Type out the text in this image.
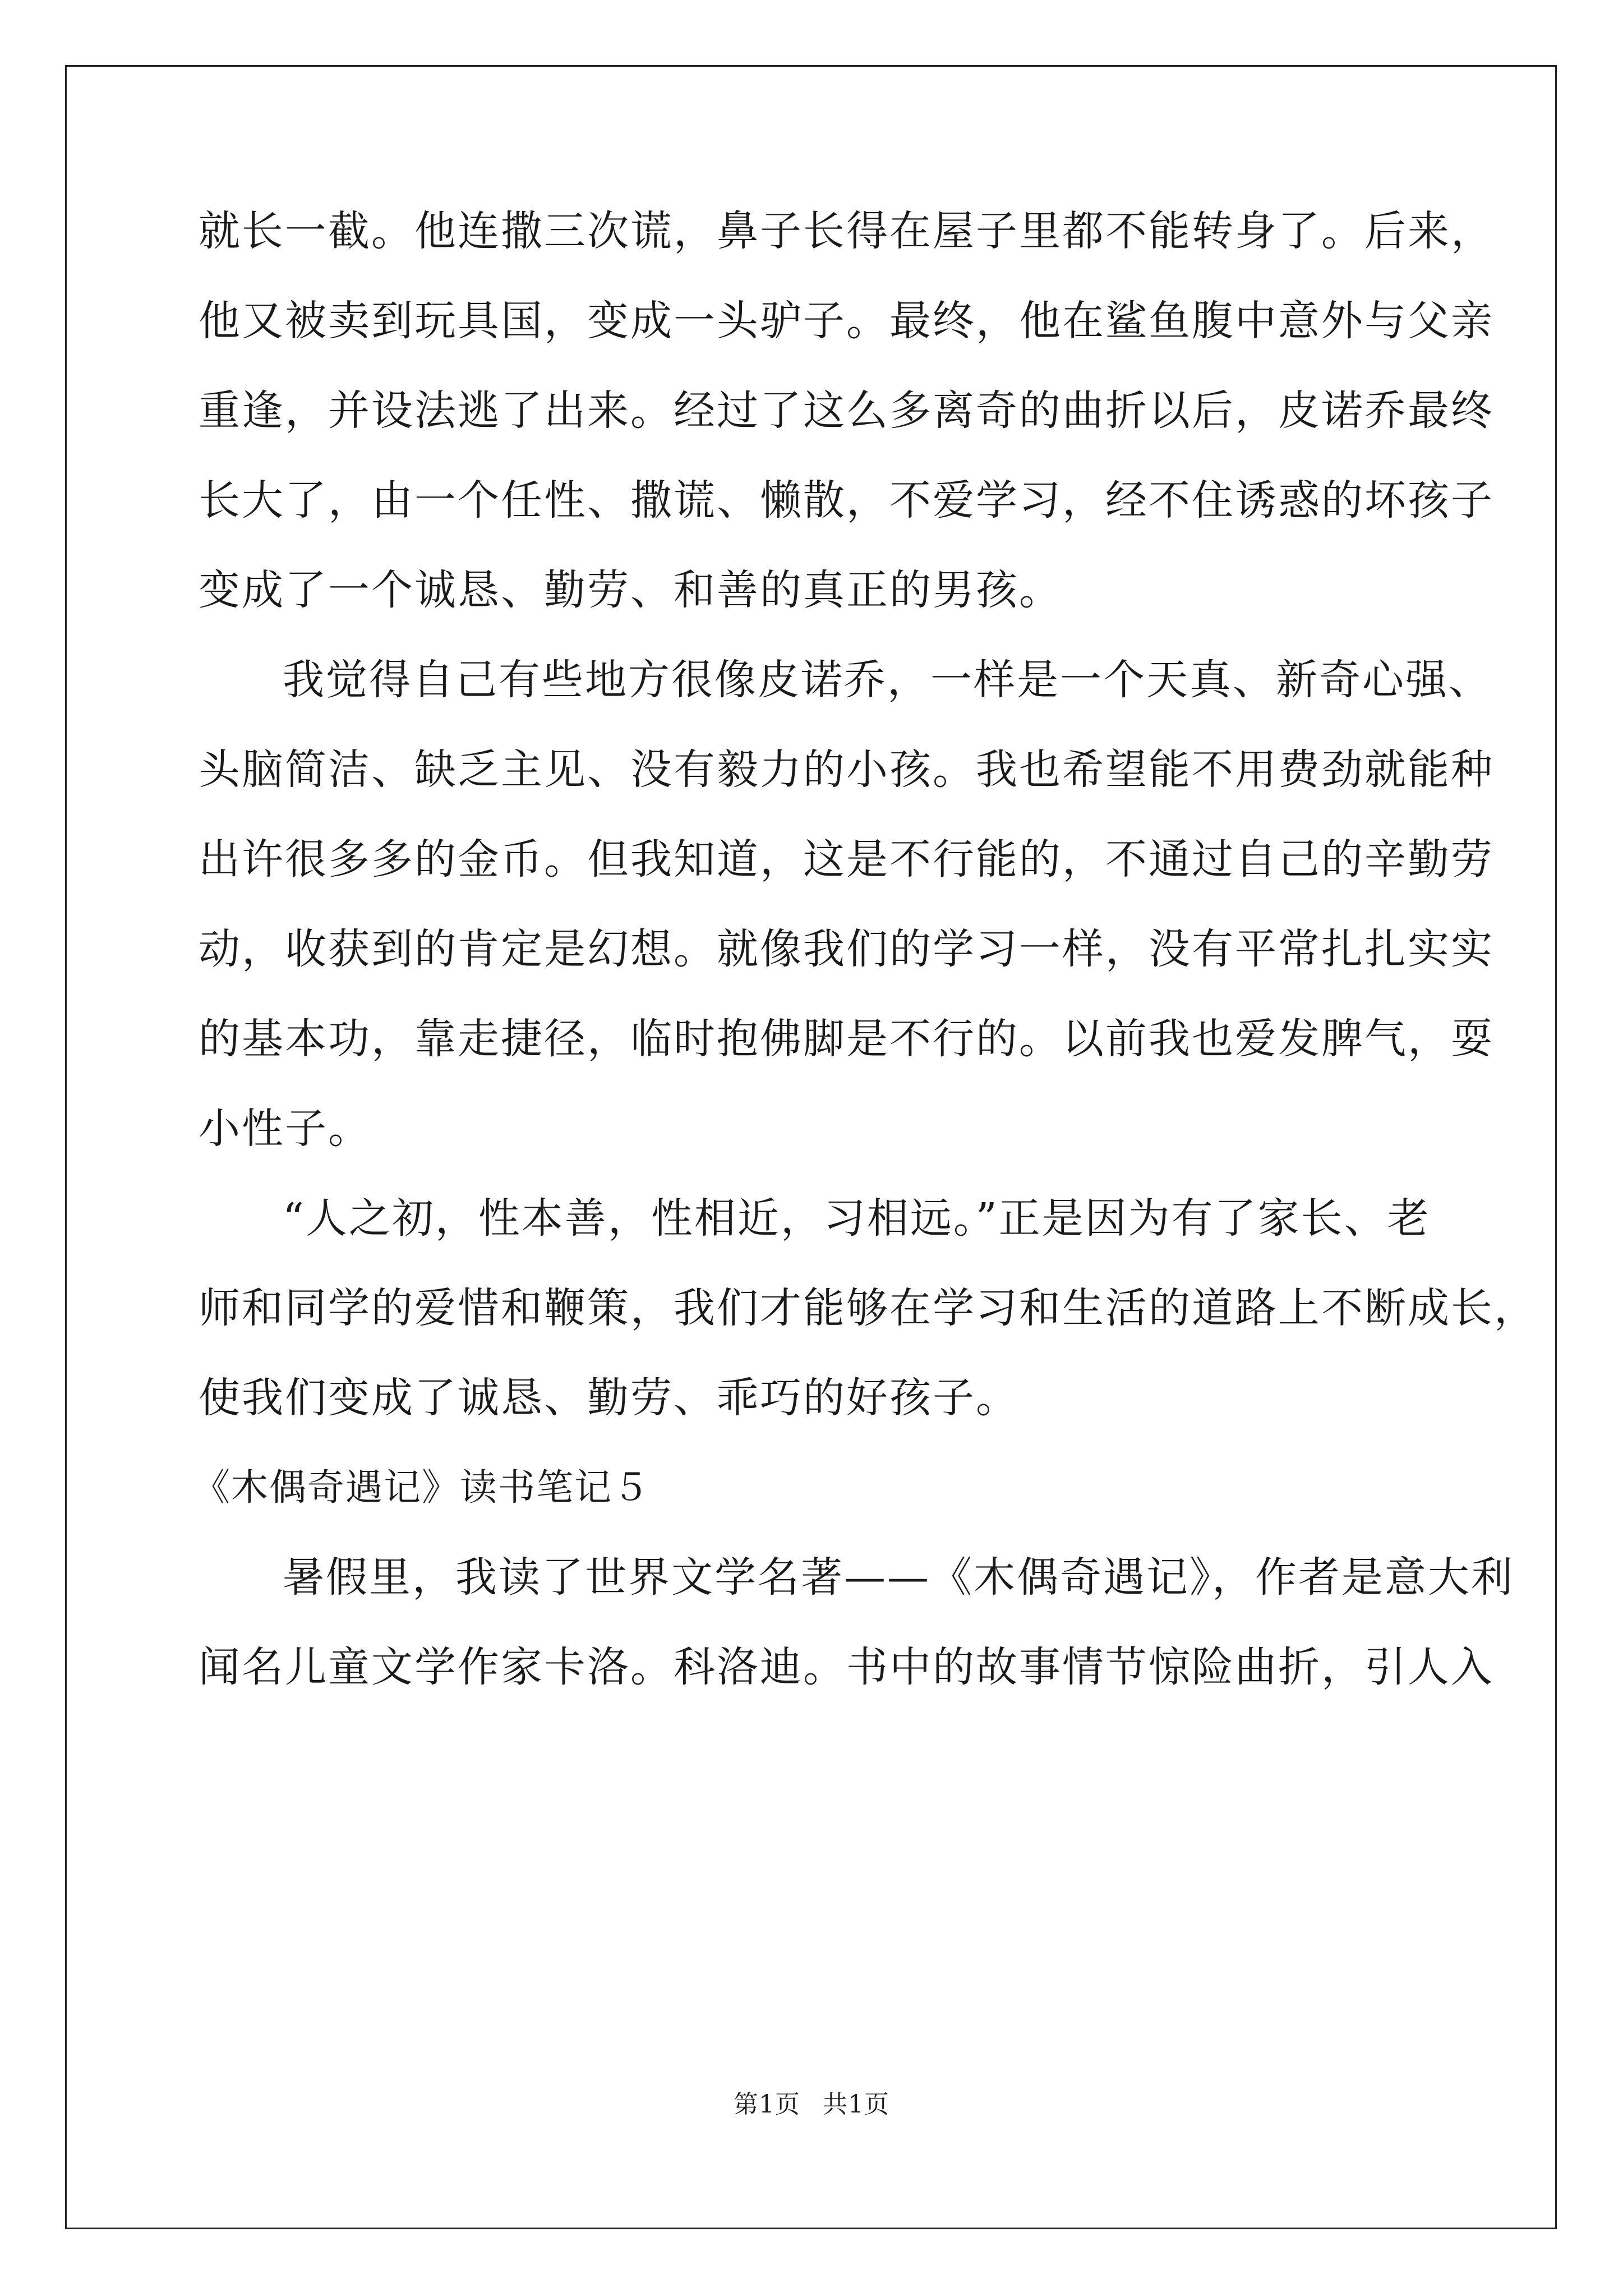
就长一截。他连撒三次谎，鼻子长得在屋子里都不能转身了。后来，
他又被卖到玩具国，变成一头驴子。最终，他在鲨鱼腹中意外与父亲
重逢，并设法逃了出来。经过了这么多离奇的曲折以后，皮诺乔最终
长大了，由一个任性、撒谎、懒散，不爱学习，经不住诱惑的坏孩子
变成了一个诚恳、勤劳、和善的真正的男孩。
我觉得自己有些地方很像皮诺乔，一样是一个天真、新奇心强、
头脑简洁、缺乏主见、没有毅力的小孩。我也希望能不用费劲就能种
出许很多多的金币。但我知道，这是不行能的，不通过自己的辛勤劳
动，收获到的肯定是幻想。就像我们的学习一样，没有平常扎扎实实
的基本功，靠走捷径，临时抱佛脚是不行的。以前我也爱发脾气，耍
小性子。
“人之初，性本善，性相近，习相远。”正是因为有了家长、老
师和同学的爱惜和鞭策，我们才能够在学习和生活的道路上不断成长，
使我们变成了诚恳、勤劳、乖巧的好孩子。
《木偶奇遇记》读书笔记５
暑假里，我读了世界文学名著——《木偶奇遇记》，作者是意大利
闻名儿童文学作家卡洛。科洛迪。书中的故事情节惊险曲折，引人入
第1页 共1页
